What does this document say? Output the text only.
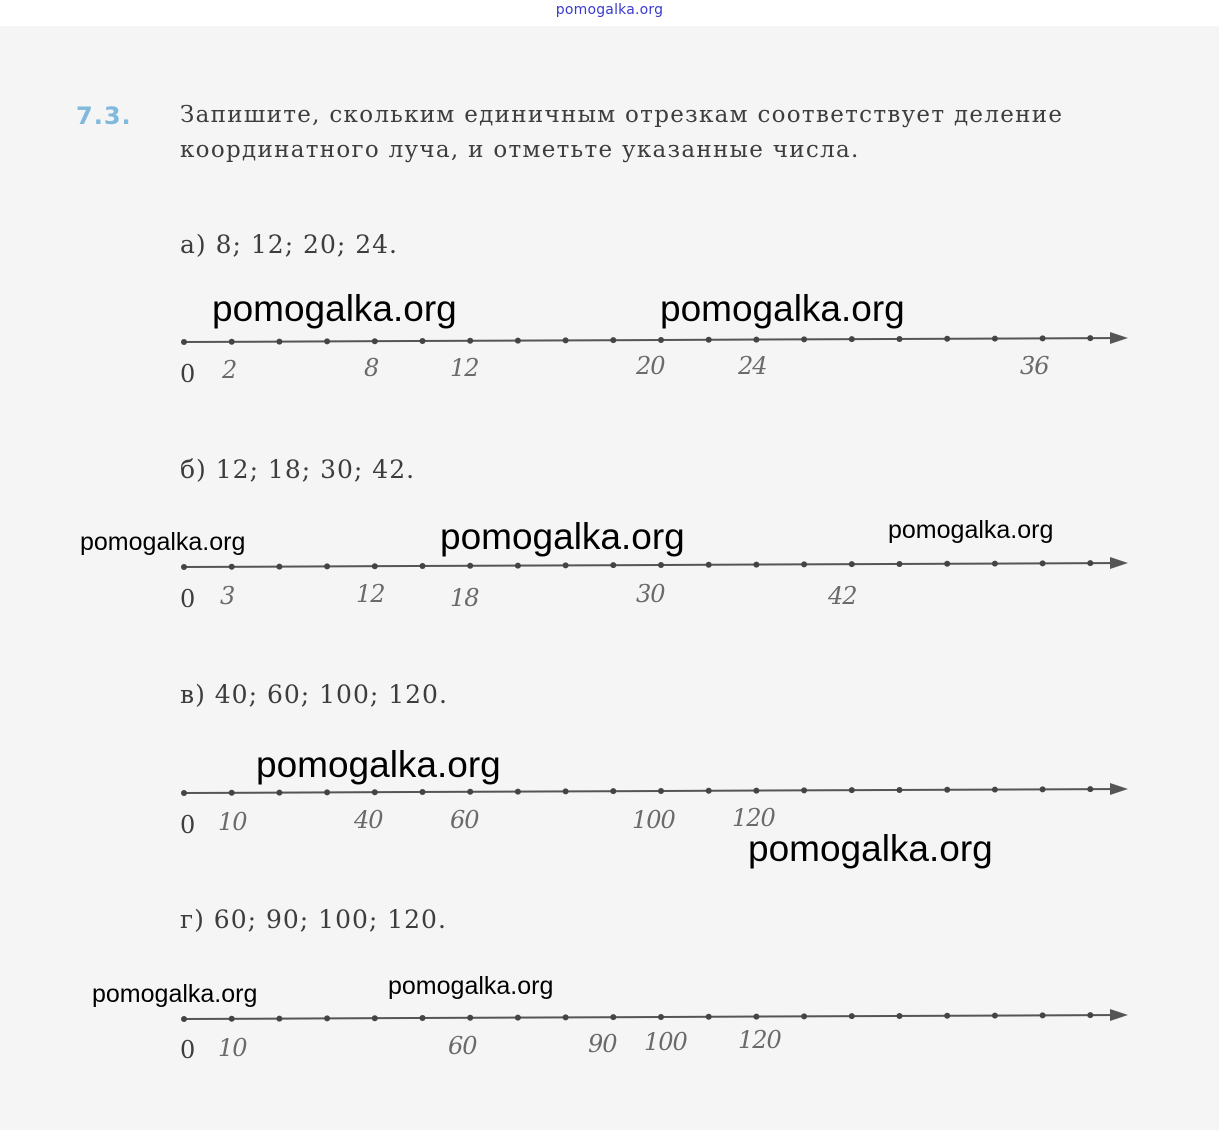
pomogalka.org
7.3. Запишите, скольким единичным отрезкам соответствует деление координатного луча, и отметьте указанные числа.
а) 8; 12; 20; 24.
0 2	8	12	20	24	36
б) 12; 18; 30; 42.
0 3	12	18	30	42
в) 40; 60; 100; 120.
0 10	40	60	100 120
г) 60; 90; 100; 120.
0 10	60	90 100 120
pomogalka.org	pomogalka.org
pomogalka.org	pomogalka.org	pomogalka.org
pomogalka.org
pomogalka.org
pomogalka.org	pomogalka.org
